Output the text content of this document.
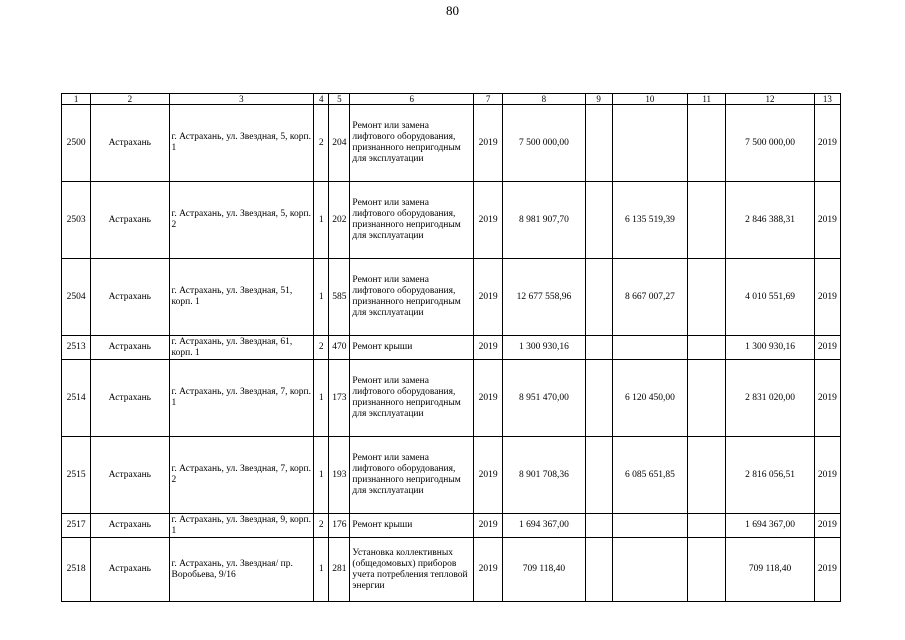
80
1	2	3	4	5	6	7	8	9	10	11	12	13
2500	Астрахань	г. Астрахань, ул. Звездная, 5, корп. 1	2	204	Ремонт или замена лифтового оборудования, признанного непригодным для эксплуатации	2019	7 500 000,00				7 500 000,00	2019
2503	Астрахань	г. Астрахань, ул. Звездная, 5, корп. 2	1	202	Ремонт или замена лифтового оборудования, признанного непригодным для эксплуатации	2019	8 981 907,70		6 135 519,39		2 846 388,31	2019
2504	Астрахань	г. Астрахань, ул. Звездная, 51, корп. 1	1	585	Ремонт или замена лифтового оборудования, признанного непригодным для эксплуатации	2019	12 677 558,96		8 667 007,27		4 010 551,69	2019
2513	Астрахань	г. Астрахань, ул. Звездная, 61, корп. 1	2	470	Ремонт крыши	2019	1 300 930,16				1 300 930,16	2019
2514	Астрахань	г. Астрахань, ул. Звездная, 7, корп. 1	1	173	Ремонт или замена лифтового оборудования, признанного непригодным для эксплуатации	2019	8 951 470,00		6 120 450,00		2 831 020,00	2019
2515	Астрахань	г. Астрахань, ул. Звездная, 7, корп. 2	1	193	Ремонт или замена лифтового оборудования, признанного непригодным для эксплуатации	2019	8 901 708,36		6 085 651,85		2 816 056,51	2019
2517	Астрахань	г. Астрахань, ул. Звездная, 9, корп. 1	2	176	Ремонт крыши	2019	1 694 367,00				1 694 367,00	2019
2518	Астрахань	г. Астрахань, ул. Звездная/ пр. Воробьева, 9/16	1	281	Установка коллективных (общедомовых) приборов учета потребления тепловой энергии	2019	709 118,40				709 118,40	2019
